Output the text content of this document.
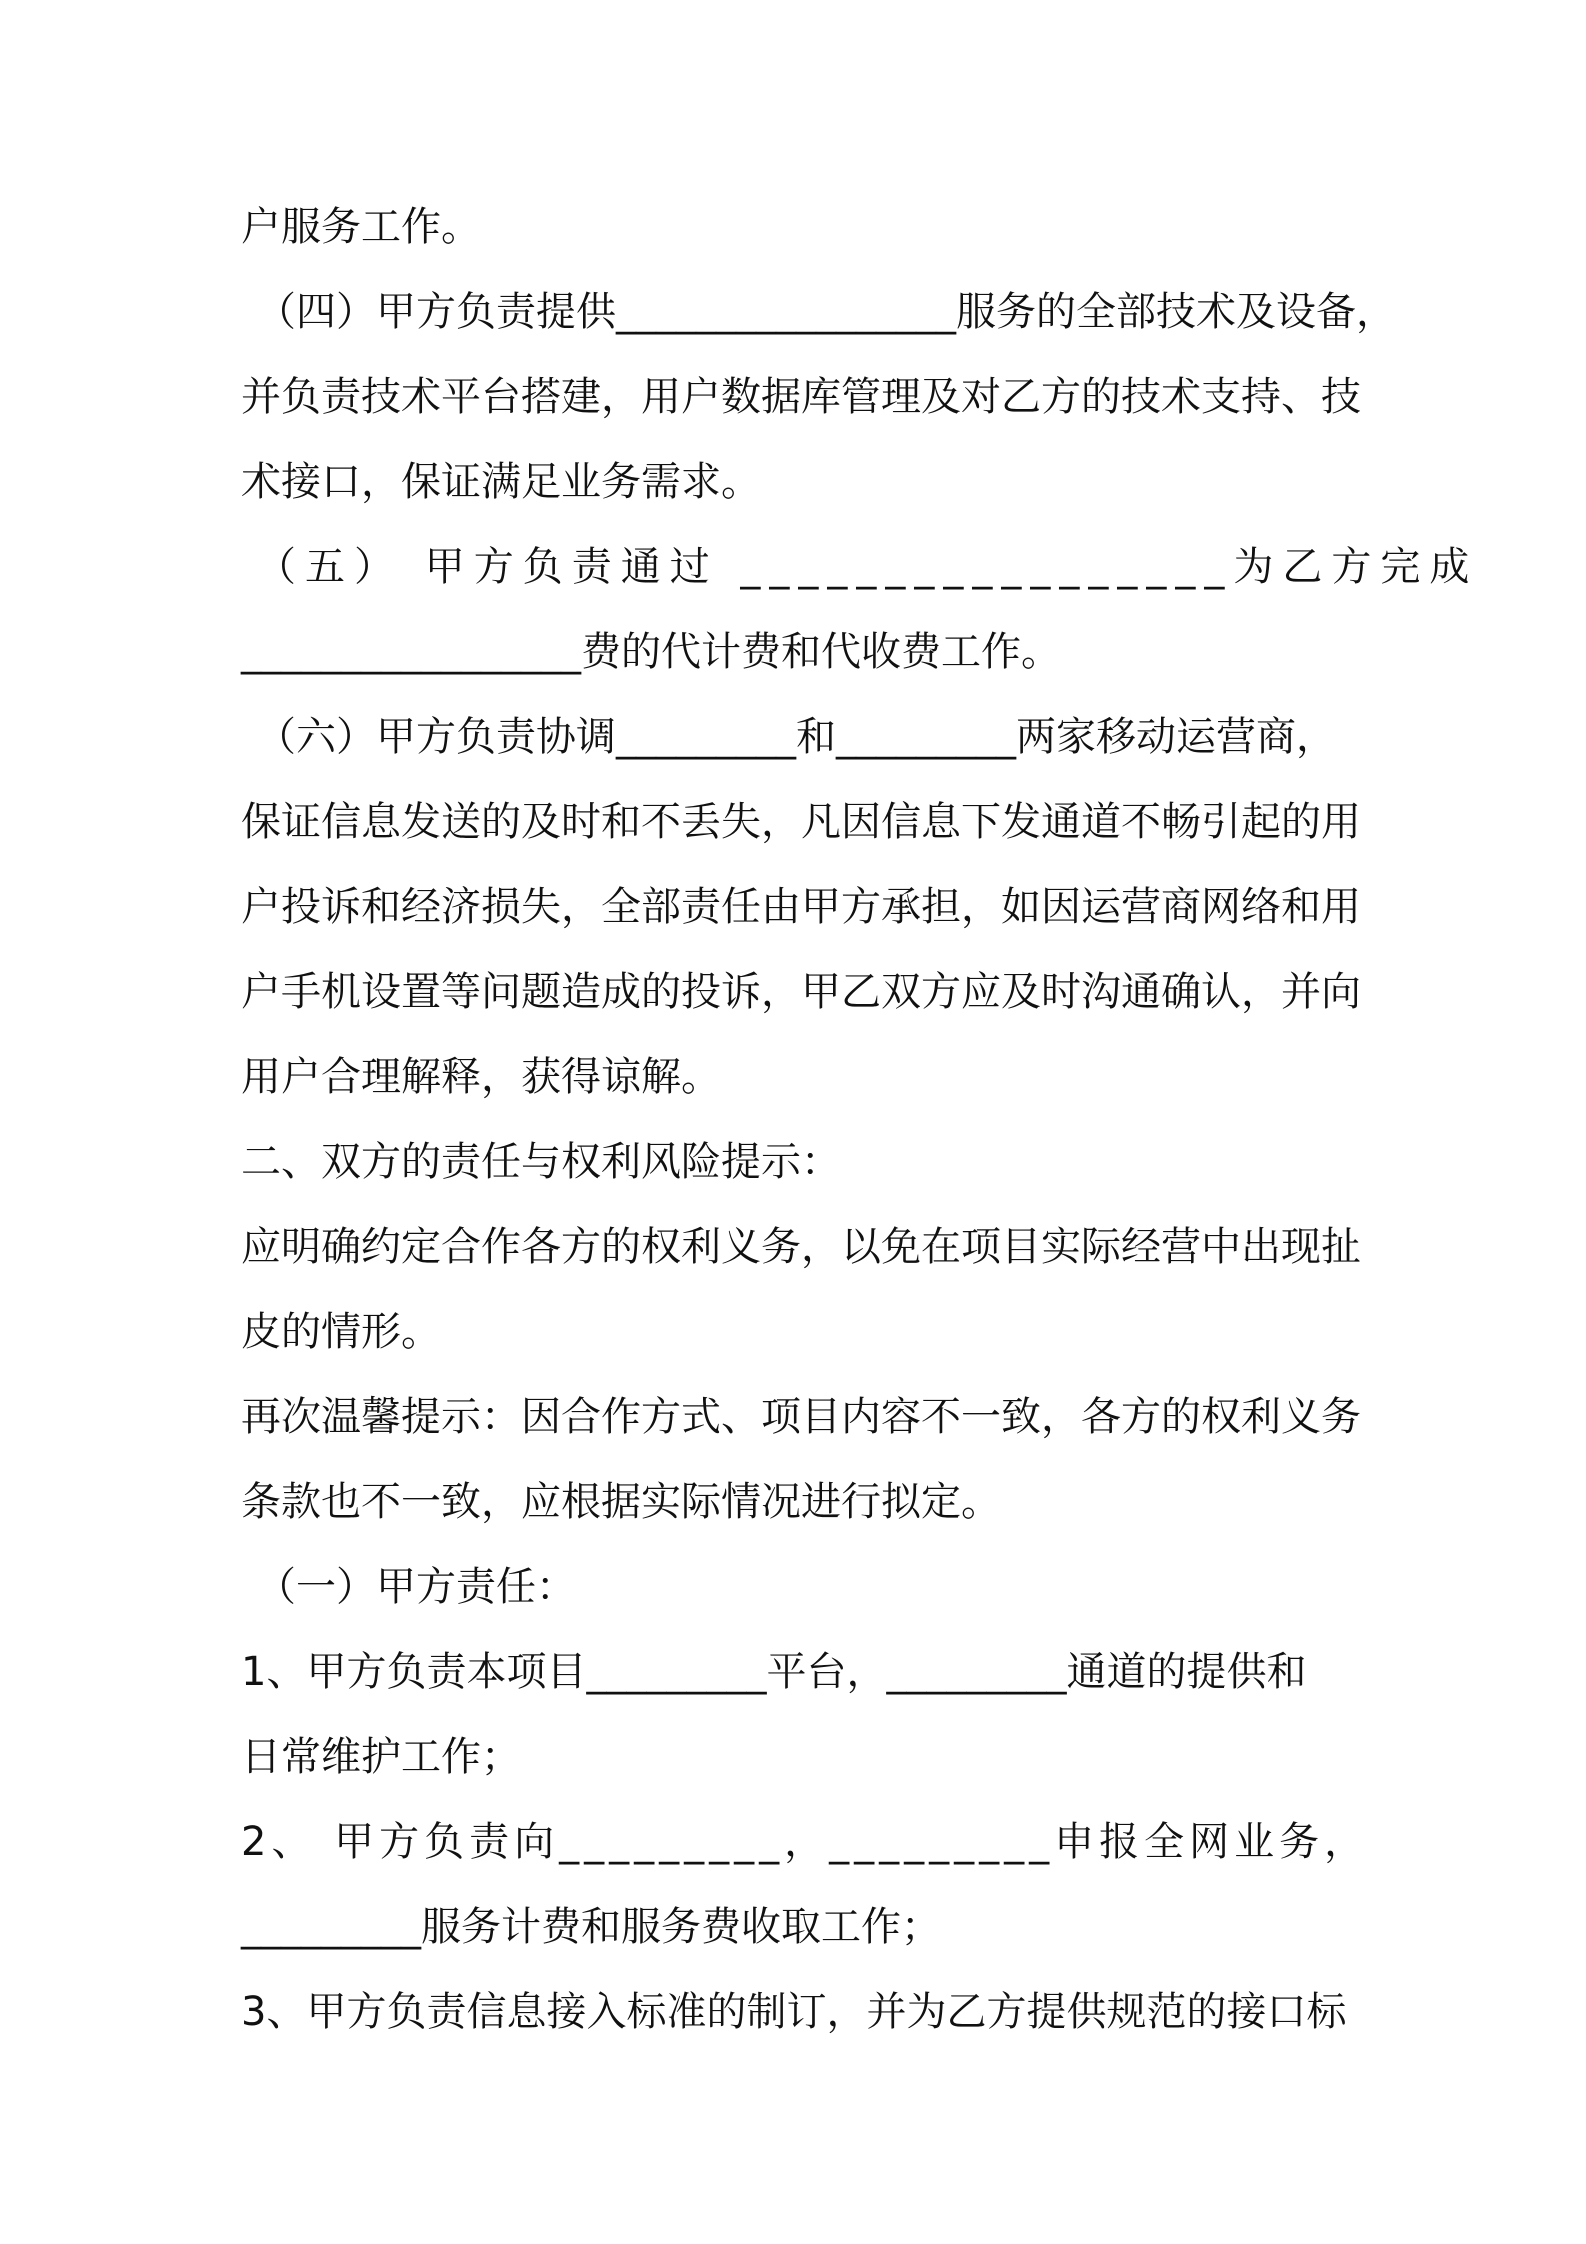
户服务工作。
（四）甲方负责提供_________________服务的全部技术及设备，
并负责技术平台搭建，用户数据库管理及对乙方的技术支持、技
术接口，保证满足业务需求。
（五） 甲方负责通过 _________________为乙方完成
_________________费的代计费和代收费工作。
（六）甲方负责协调_________和_________两家移动运营商，
保证信息发送的及时和不丢失，凡因信息下发通道不畅引起的用
户投诉和经济损失，全部责任由甲方承担，如因运营商网络和用
户手机设置等问题造成的投诉，甲乙双方应及时沟通确认，并向
用户合理解释，获得谅解。
二、双方的责任与权利风险提示：
应明确约定合作各方的权利义务，以免在项目实际经营中出现扯
皮的情形。
再次温馨提示：因合作方式、项目内容不一致，各方的权利义务
条款也不一致，应根据实际情况进行拟定。
（一）甲方责任：
1、甲方负责本项目_________平台，_________通道的提供和
日常维护工作；
2、 甲方负责向_________，_________申报全网业务，
_________服务计费和服务费收取工作；
3、甲方负责信息接入标准的制订，并为乙方提供规范的接口标
